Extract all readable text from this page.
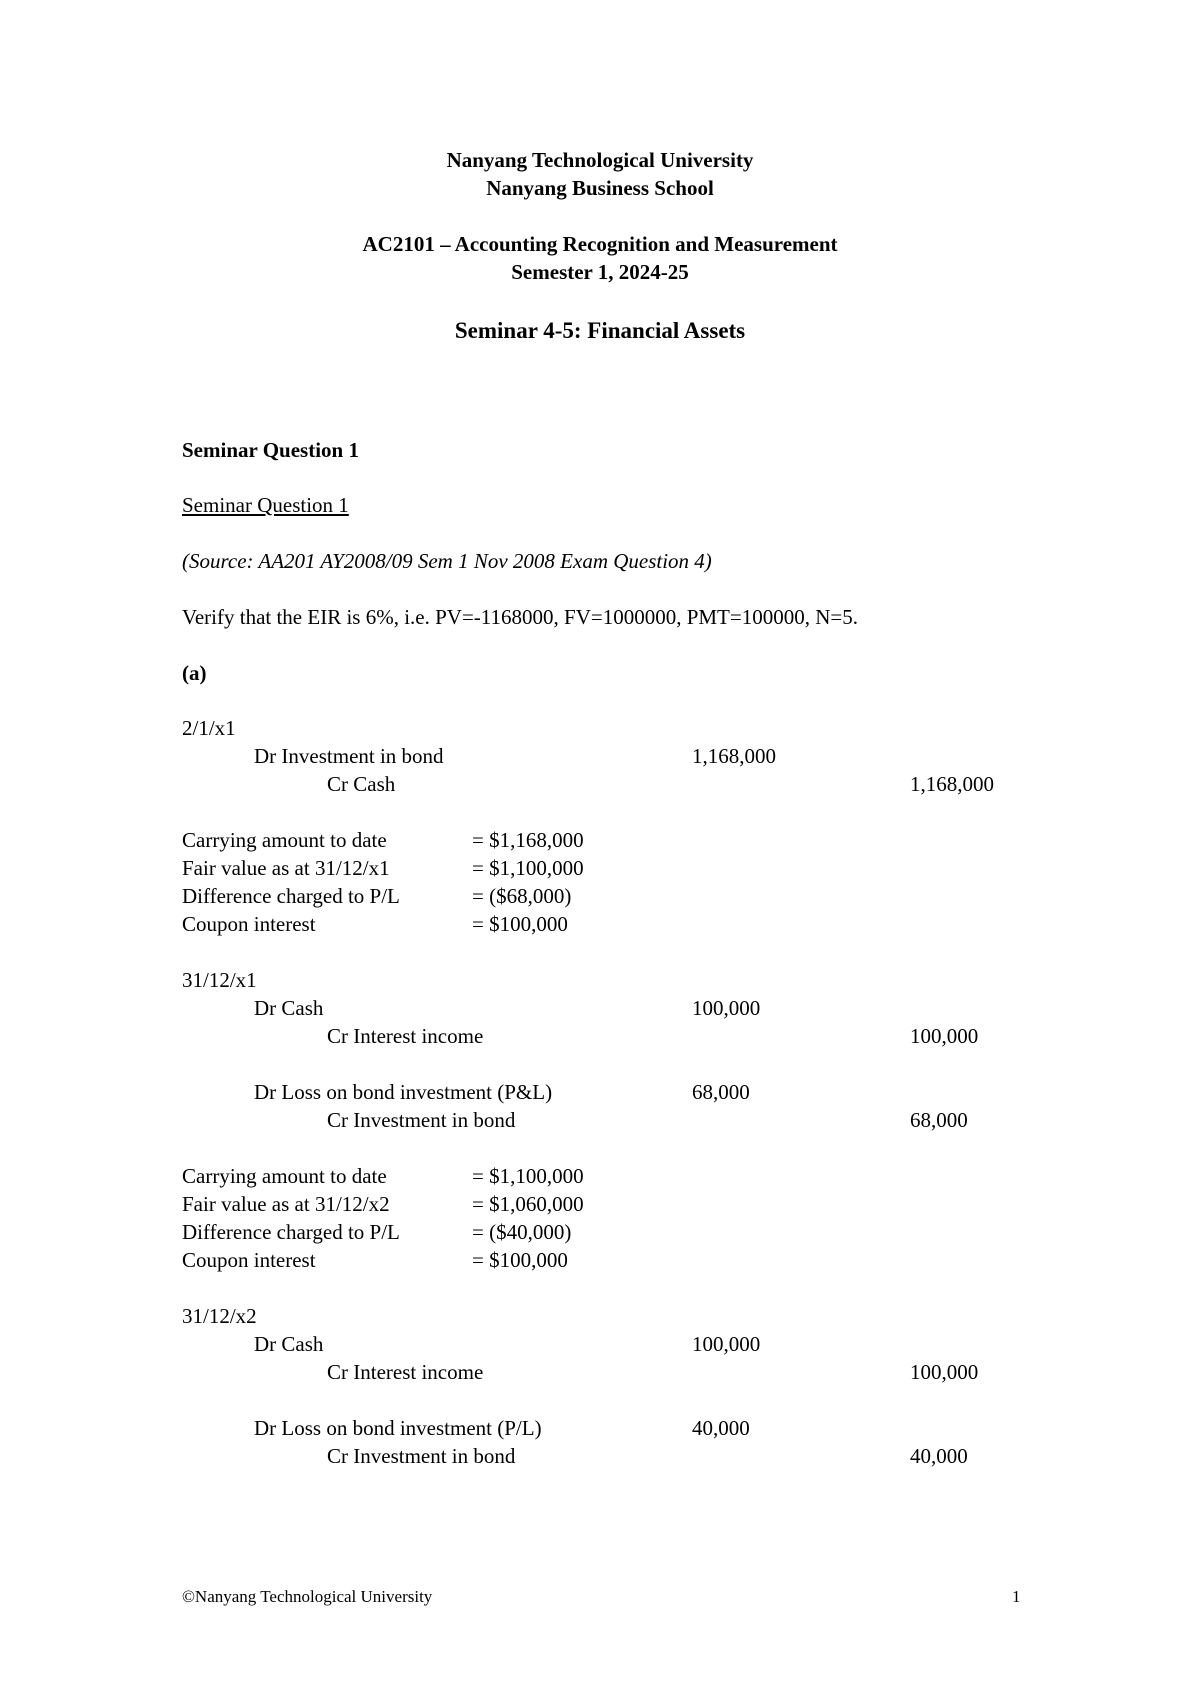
Nanyang Technological University
Nanyang Business School
AC2101 – Accounting Recognition and Measurement
Semester 1, 2024-25
Seminar 4-5: Financial Assets
Seminar Question 1
Seminar Question 1
(Source: AA201 AY2008/09 Sem 1 Nov 2008 Exam Question 4)
Verify that the EIR is 6%, i.e. PV=-1168000, FV=1000000, PMT=100000, N=5.
(a)
2/1/x1
Dr Investment in bond	1,168,000
Cr Cash	1,168,000
Carrying amount to date	= $1,168,000
Fair value as at 31/12/x1	= $1,100,000
Difference charged to P/L	= ($68,000)
Coupon interest	= $100,000
31/12/x1
Dr Cash	100,000
Cr Interest income	100,000
Dr Loss on bond investment (P&L)	68,000
Cr Investment in bond	68,000
Carrying amount to date	= $1,100,000
Fair value as at 31/12/x2	= $1,060,000
Difference charged to P/L	= ($40,000)
Coupon interest	= $100,000
31/12/x2
Dr Cash	100,000
Cr Interest income	100,000
Dr Loss on bond investment (P/L)	40,000
Cr Investment in bond	40,000
©Nanyang Technological University	1
